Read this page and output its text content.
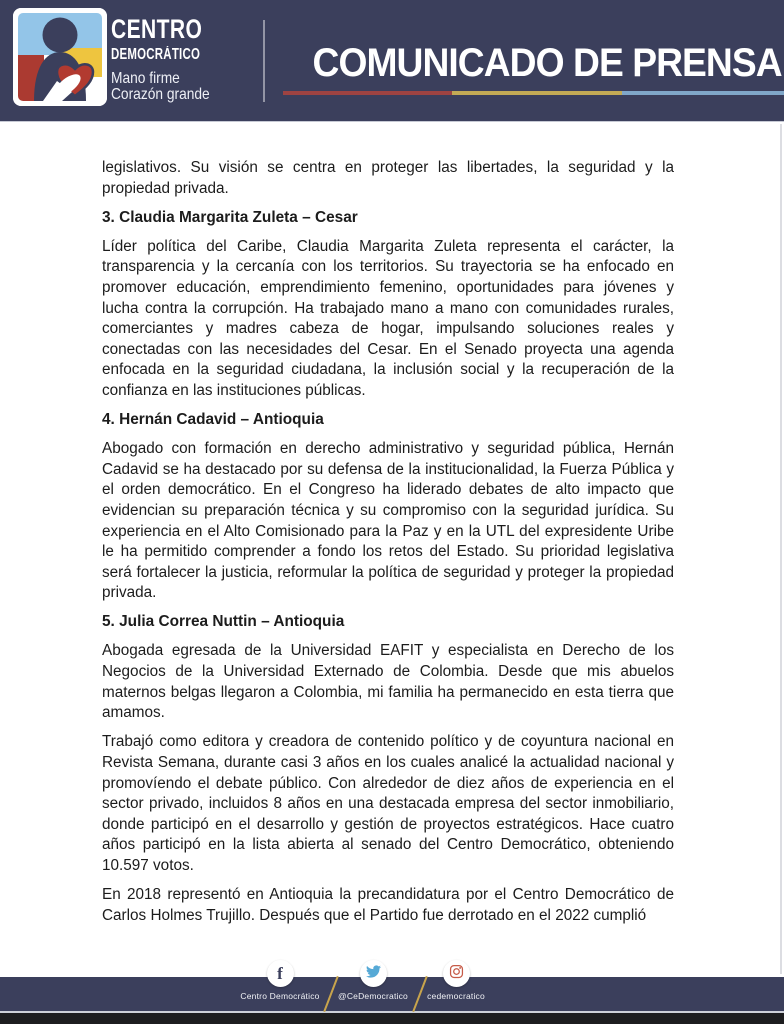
CENTRO
DEMOCRÁTICO
Mano firme
Corazón grande
COMUNICADO DE PRENSA

legislativos. Su visión se centra en proteger las libertades, la seguridad y la propiedad privada.

3. Claudia Margarita Zuleta – Cesar

Líder política del Caribe, Claudia Margarita Zuleta representa el carácter, la transparencia y la cercanía con los territorios. Su trayectoria se ha enfocado en promover educación, emprendimiento femenino, oportunidades para jóvenes y lucha contra la corrupción. Ha trabajado mano a mano con comunidades rurales, comerciantes y madres cabeza de hogar, impulsando soluciones reales y conectadas con las necesidades del Cesar. En el Senado proyecta una agenda enfocada en la seguridad ciudadana, la inclusión social y la recuperación de la confianza en las instituciones públicas.

4. Hernán Cadavid – Antioquia

Abogado con formación en derecho administrativo y seguridad pública, Hernán Cadavid se ha destacado por su defensa de la institucionalidad, la Fuerza Pública y el orden democrático. En el Congreso ha liderado debates de alto impacto que evidencian su preparación técnica y su compromiso con la seguridad jurídica. Su experiencia en el Alto Comisionado para la Paz y en la UTL del expresidente Uribe le ha permitido comprender a fondo los retos del Estado. Su prioridad legislativa será fortalecer la justicia, reformular la política de seguridad y proteger la propiedad privada.

5. Julia Correa Nuttin – Antioquia

Abogada egresada de la Universidad EAFIT y especialista en Derecho de los Negocios de la Universidad Externado de Colombia. Desde que mis abuelos maternos belgas llegaron a Colombia, mi familia ha permanecido en esta tierra que amamos.

Trabajó como editora y creadora de contenido político y de coyuntura nacional en Revista Semana, durante casi 3 años en los cuales analicé la actualidad nacional y promovíendo el debate público. Con alrededor de diez años de experiencia en el sector privado, incluidos 8 años en una destacada empresa del sector inmobiliario, donde participó en el desarrollo y gestión de proyectos estratégicos. Hace cuatro años participó en la lista abierta al senado del Centro Democrático, obteniendo 10.597 votos.

En 2018 representó en Antioquia la precandidatura por el Centro Democrático de Carlos Holmes Trujillo. Después que el Partido fue derrotado en el 2022 cumplió

f
Centro Democrático	@CeDemocratico	cedemocratico
